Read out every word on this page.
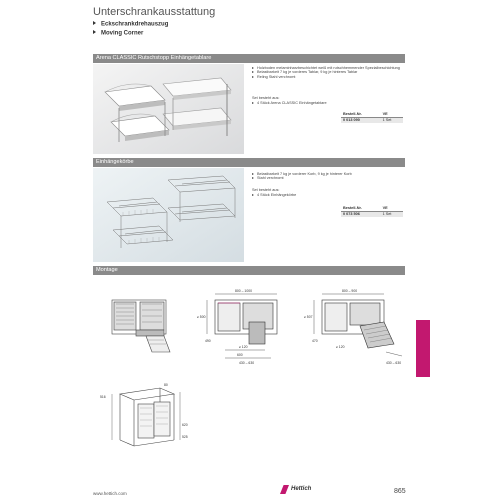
Unterschrankausstattung
Eckschrankdrehauszug
Moving Corner
Arena CLASSIC Rutschstopp Einhängetablare
Holzboden melaminharzbeschichtet weiß mit rutschhemmender Spezialbeschichtung
Belastbarkeit 7 kg je vorderes Tablar, 9 kg je hinteres Tablar
Reling Stahl verchromt
Set besteht aus:
4 Stück Arena CLASSIC Einhängetablare
Bestell-Nr.	VE
0 013 090	1 Set
Einhängekörbe
Belastbarkeit 7 kg je vorderer Korb, 9 kg je hinterer Korb
Stahl verchromt
Set besteht aus:
4 Stück Einhängekörbe
Bestell-Nr.	VE
0 073 506	1 Set
Montage
800 – 1000
≥ 500
490
≥ 120
600
430 – 630
800 – 900
≥ 507
470
≥ 120
430 – 630
80
516
620
525
www.hettich.com
Hettich	865
